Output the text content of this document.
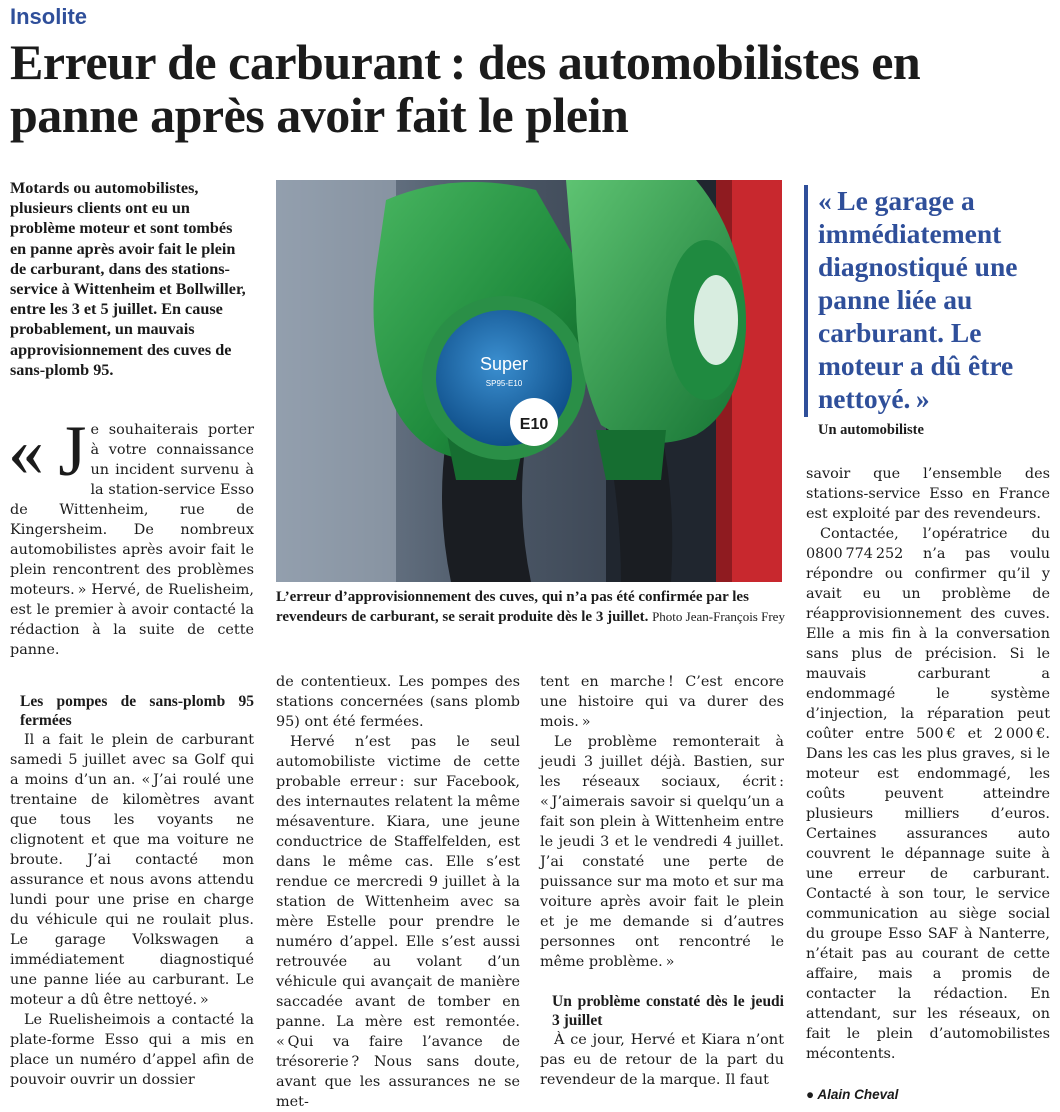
Insolite
Erreur de carburant : des automobilistes en panne après avoir fait le plein
Motards ou automobilistes, plusieurs clients ont eu un problème moteur et sont tombés en panne après avoir fait le plein de carburant, dans des stations-service à Wittenheim et Bollwiller, entre les 3 et 5 juillet. En cause probablement, un mauvais approvisionnement des cuves de sans-plomb 95.
« J e souhaiterais porter à votre connaissance un incident survenu à la station-service Esso de Wittenheim, rue de Kingersheim. De nombreux automobilistes après avoir fait le plein rencontrent des problèmes moteurs. » Hervé, de Ruelisheim, est le premier à avoir contacté la rédaction à la suite de cette panne.

Les pompes de sans-plomb 95 fermées

Il a fait le plein de carburant samedi 5 juillet avec sa Golf qui a moins d’un an. « J’ai roulé une trentaine de kilomètres avant que tous les voyants ne clignotent et que ma voiture ne broute. J’ai contacté mon assurance et nous avons attendu lundi pour une prise en charge du véhicule qui ne roulait plus. Le garage Volkswagen a immédiatement diagnostiqué une panne liée au carburant. Le moteur a dû être nettoyé. »

Le Ruelisheimois a contacté la plate-forme Esso qui a mis en place un numéro d’appel afin de pouvoir ouvrir un dossier

Super
SP95-E10
E10
L’erreur d’approvisionnement des cuves, qui n’a pas été confirmée par les revendeurs de carburant, se serait produite dès le 3 juillet. Photo Jean-François Frey

de contentieux. Les pompes des stations concernées (sans plomb 95) ont été fermées.

Hervé n’est pas le seul automobiliste victime de cette probable erreur : sur Facebook, des internautes relatent la même mésaventure. Kiara, une jeune conductrice de Staffelfelden, est dans le même cas. Elle s’est rendue ce mercredi 9 juillet à la station de Wittenheim avec sa mère Estelle pour prendre le numéro d’appel. Elle s’est aussi retrouvée au volant d’un véhicule qui avançait de manière saccadée avant de tomber en panne. La mère est remontée. « Qui va faire l’avance de trésorerie ? Nous sans doute, avant que les assurances ne se met-

tent en marche ! C’est encore une histoire qui va durer des mois. »

Le problème remonterait à jeudi 3 juillet déjà. Bastien, sur les réseaux sociaux, écrit : « J’aimerais savoir si quelqu’un a fait son plein à Wittenheim entre le jeudi 3 et le vendredi 4 juillet. J’ai constaté une perte de puissance sur ma moto et sur ma voiture après avoir fait le plein et je me demande si d’autres personnes ont rencontré le même problème. »

Un problème constaté dès le jeudi 3 juillet

À ce jour, Hervé et Kiara n’ont pas eu de retour de la part du revendeur de la marque. Il faut

« Le garage a immédiatement diagnostiqué une panne liée au carburant. Le moteur a dû être nettoyé. »

Un automobiliste

savoir que l’ensemble des stations-service Esso en France est exploité par des revendeurs.

Contactée, l’opératrice du 0800 774 252 n’a pas voulu répondre ou confirmer qu’il y avait eu un problème de réapprovisionnement des cuves. Elle a mis fin à la conversation sans plus de précision. Si le mauvais carburant a endommagé le système d’injection, la réparation peut coûter entre 500 € et 2 000 €. Dans les cas les plus graves, si le moteur est endommagé, les coûts peuvent atteindre plusieurs milliers d’euros. Certaines assurances auto couvrent le dépannage suite à une erreur de carburant. Contacté à son tour, le service communication au siège social du groupe Esso SAF à Nanterre, n’était pas au courant de cette affaire, mais a promis de contacter la rédaction. En attendant, sur les réseaux, on fait le plein d’automobilistes mécontents.

● Alain Cheval
